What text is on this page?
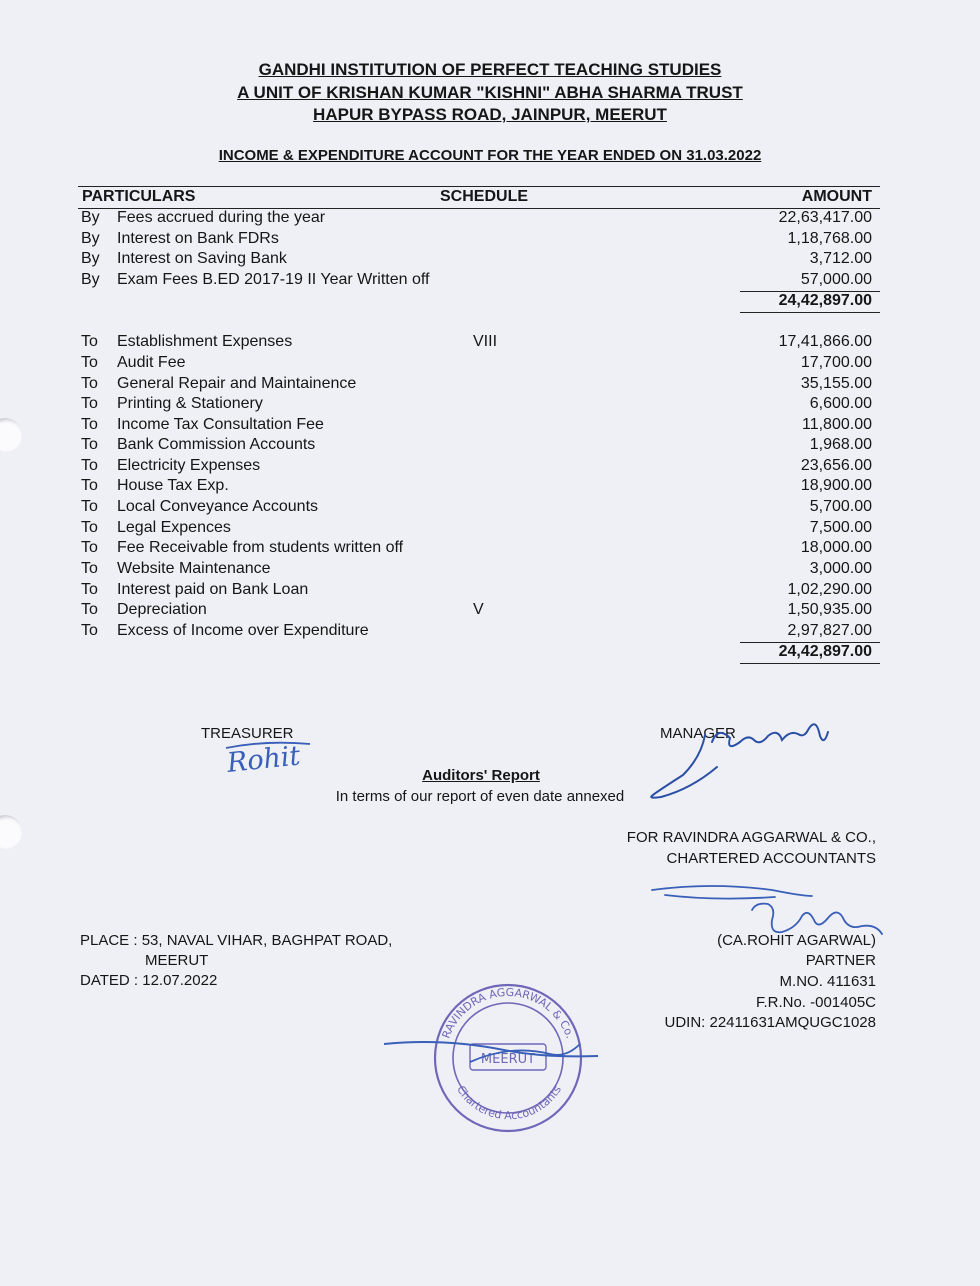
GANDHI INSTITUTION OF PERFECT TEACHING STUDIES
A UNIT OF KRISHAN KUMAR "KISHNI" ABHA SHARMA TRUST
HAPUR BYPASS ROAD, JAINPUR, MEERUT
INCOME & EXPENDITURE ACCOUNT FOR THE YEAR ENDED ON 31.03.2022
PARTICULARS	SCHEDULE	AMOUNT
By Fees accrued during the year	22,63,417.00
By Interest on Bank FDRs	1,18,768.00
By Interest on Saving Bank	3,712.00
By Exam Fees B.ED 2017-19 II Year Written off	57,000.00
24,42,897.00
To Establishment Expenses	VIII	17,41,866.00
To Audit Fee	17,700.00
To General Repair and Maintainence	35,155.00
To Printing & Stationery	6,600.00
To Income Tax Consultation Fee	11,800.00
To Bank Commission Accounts	1,968.00
To Electricity Expenses	23,656.00
To House Tax Exp.	18,900.00
To Local Conveyance Accounts	5,700.00
To Legal Expences	7,500.00
To Fee Receivable from students written off	18,000.00
To Website Maintenance	3,000.00
To Interest paid on Bank Loan	1,02,290.00
To Depreciation	V	1,50,935.00
To Excess of Income over Expenditure	2,97,827.00
24,42,897.00
TREASURER	MANAGER
Auditors' Report
In terms of our report of even date annexed
FOR RAVINDRA AGGARWAL & CO.,
CHARTERED ACCOUNTANTS
PLACE : 53, NAVAL VIHAR, BAGHPAT ROAD,
MEERUT
DATED : 12.07.2022
(CA.ROHIT AGARWAL)
PARTNER
M.NO. 411631
F.R.No. -001405C
UDIN: 22411631AMQUGC1028
Rohit
MEERUT
RAVINDRA AGGARWAL & Co.
Chartered Accountants
